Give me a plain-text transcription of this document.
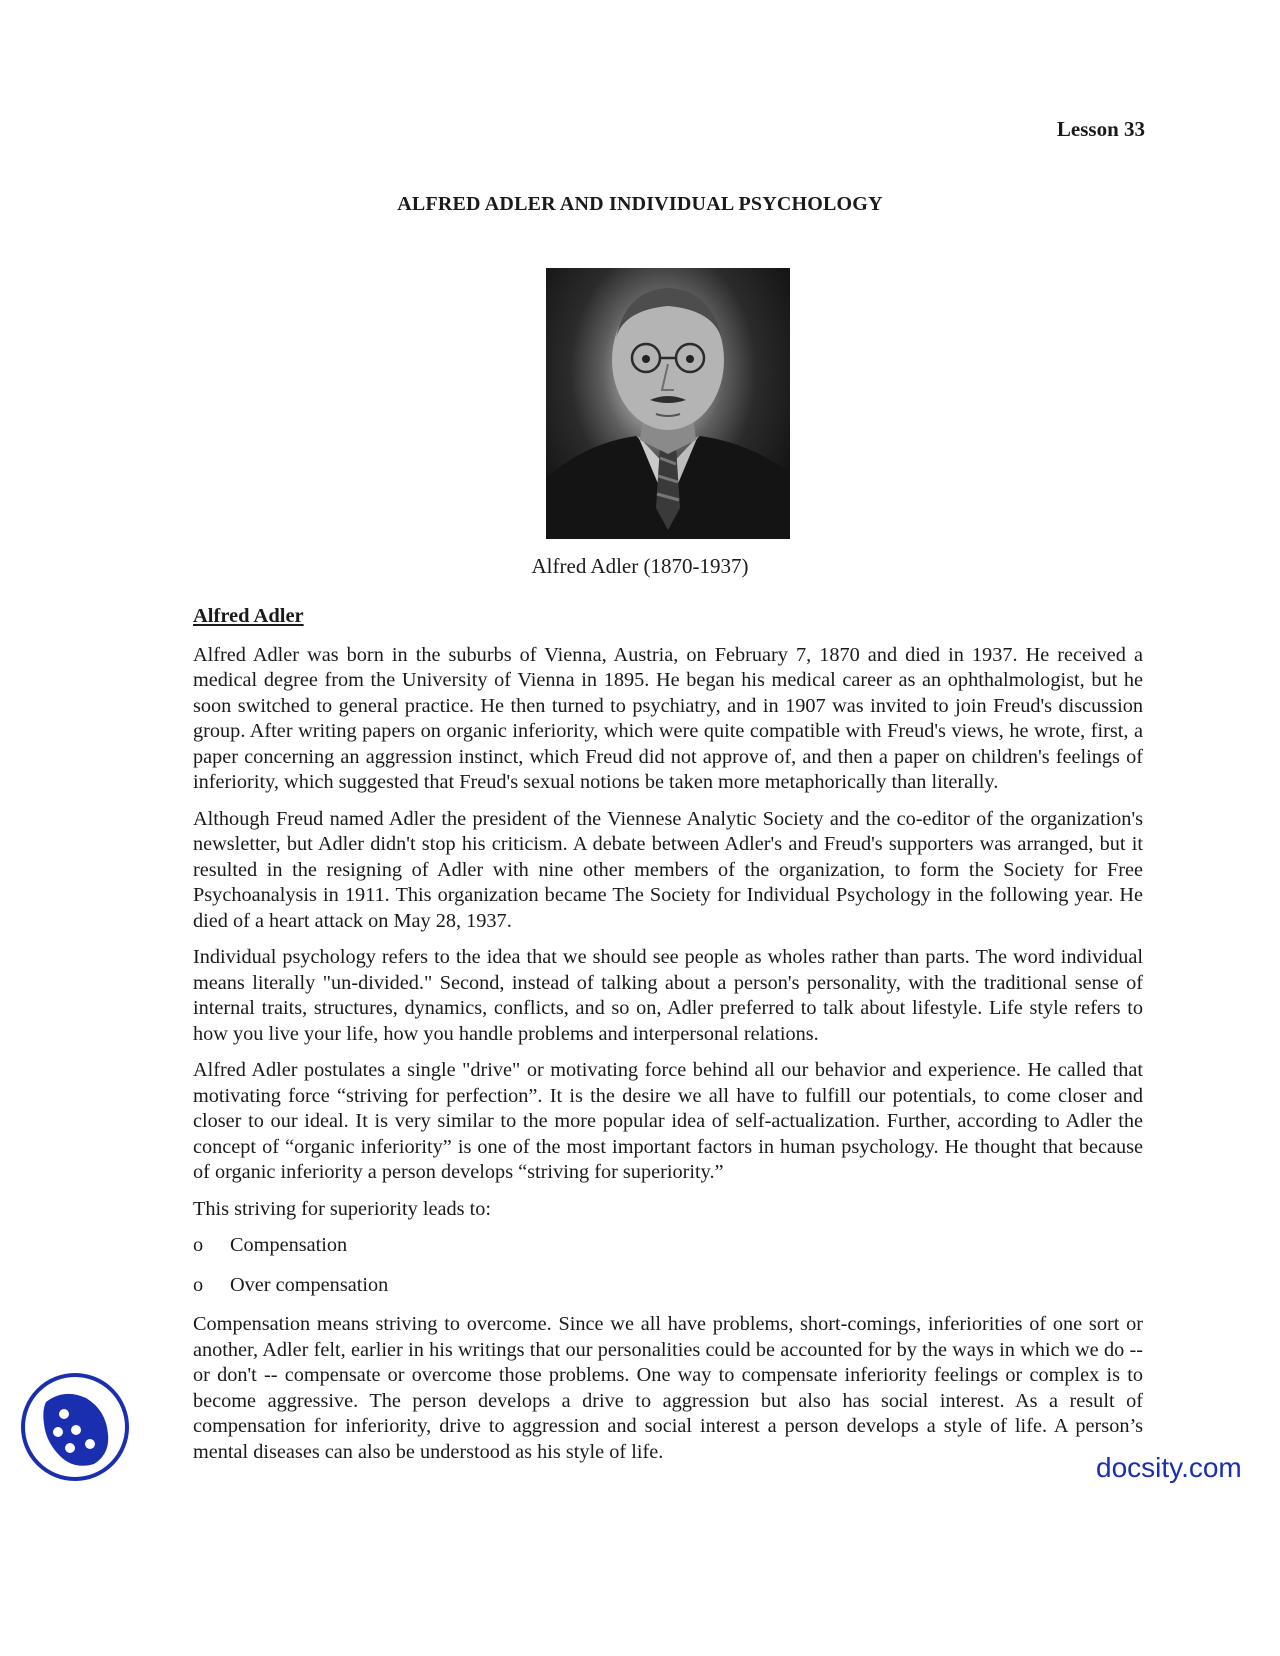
Lesson 33
ALFRED ADLER AND INDIVIDUAL PSYCHOLOGY
Alfred Adler (1870-1937)
Alfred Adler

Alfred Adler was born in the suburbs of Vienna, Austria, on February 7, 1870 and died in 1937. He received a medical degree from the University of Vienna in 1895. He began his medical career as an ophthalmologist, but he soon switched to general practice. He then turned to psychiatry, and in 1907 was invited to join Freud's discussion group. After writing papers on organic inferiority, which were quite compatible with Freud's views, he wrote, first, a paper concerning an aggression instinct, which Freud did not approve of, and then a paper on children's feelings of inferiority, which suggested that Freud's sexual notions be taken more metaphorically than literally.

Although Freud named Adler the president of the Viennese Analytic Society and the co-editor of the organization's newsletter, but Adler didn't stop his criticism. A debate between Adler's and Freud's supporters was arranged, but it resulted in the resigning of Adler with nine other members of the organization, to form the Society for Free Psychoanalysis in 1911. This organization became The Society for Individual Psychology in the following year. He died of a heart attack on May 28, 1937.

Individual psychology refers to the idea that we should see people as wholes rather than parts. The word individual means literally "un-divided." Second, instead of talking about a person's personality, with the traditional sense of internal traits, structures, dynamics, conflicts, and so on, Adler preferred to talk about lifestyle. Life style refers to how you live your life, how you handle problems and interpersonal relations.

Alfred Adler postulates a single "drive" or motivating force behind all our behavior and experience. He called that motivating force “striving for perfection”. It is the desire we all have to fulfill our potentials, to come closer and closer to our ideal. It is very similar to the more popular idea of self-actualization. Further, according to Adler the concept of “organic inferiority” is one of the most important factors in human psychology. He thought that because of organic inferiority a person develops “striving for superiority.”

This striving for superiority leads to:

o	Compensation
o	Over compensation

Compensation means striving to overcome. Since we all have problems, short-comings, inferiorities of one sort or another, Adler felt, earlier in his writings that our personalities could be accounted for by the ways in which we do -- or don't -- compensate or overcome those problems. One way to compensate inferiority feelings or complex is to become aggressive. The person develops a drive to aggression but also has social interest. As a result of compensation for inferiority, drive to aggression and social interest a person develops a style of life. A person’s mental diseases can also be understood as his style of life.

docsity.com
